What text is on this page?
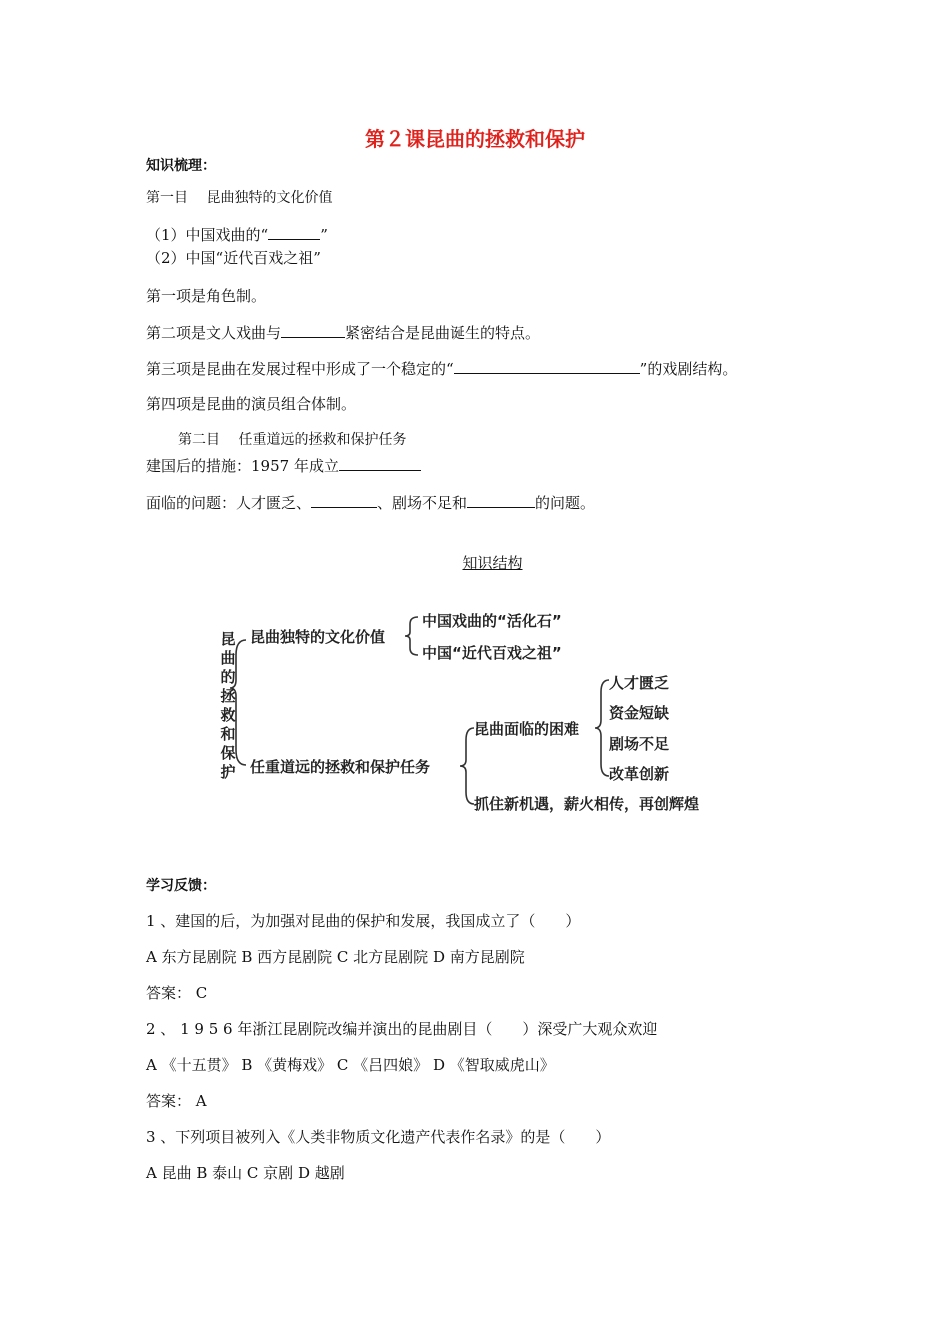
第２课昆曲的拯救和保护
知识梳理：
第一目　 昆曲独特的文化价值
（1）中国戏曲的“	”
（2）中国“近代百戏之祖”
第一项是角色制。
第二项是文人戏曲与	紧密结合是昆曲诞生的特点。
第三项是昆曲在发展过程中形成了一个稳定的“	”的戏剧结构。
第四项是昆曲的演员组合体制。
第二目　 任重道远的拯救和保护任务
建国后的措施：1957 年成立
面临的问题：人才匮乏、	、剧场不足和	的问题。
知识结构
昆曲的拯救和保护
昆曲独特的文化价值
中国戏曲的“活化石”
中国“近代百戏之祖”
任重道远的拯救和保护任务
昆曲面临的困难
人才匮乏
资金短缺
剧场不足
改革创新
抓住新机遇，薪火相传，再创辉煌
学习反馈：
1 、建国的后，为加强对昆曲的保护和发展，我国成立了（　　）
A 东方昆剧院 B 西方昆剧院 C 北方昆剧院 D 南方昆剧院
答案： C
2 、 1 9 5 6 年浙江昆剧院改编并演出的昆曲剧目（　　）深受广大观众欢迎
A 《十五贯》 B 《黄梅戏》 C 《吕四娘》 D 《智取威虎山》
答案： A
3 、下列项目被列入《人类非物质文化遗产代表作名录》的是（　　）
A 昆曲 B 泰山 C 京剧 D 越剧
